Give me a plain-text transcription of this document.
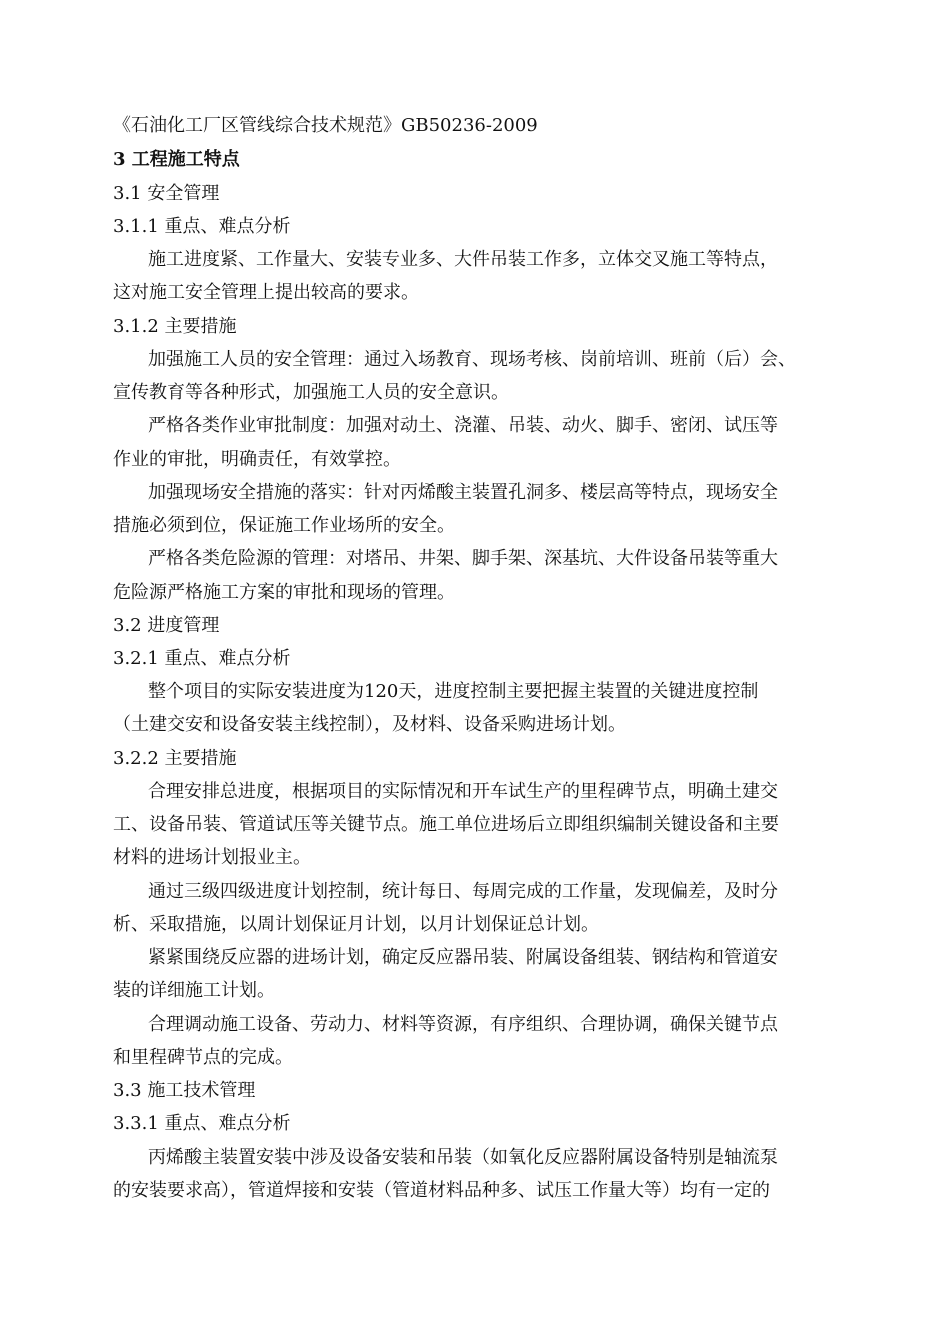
《石油化工厂区管线综合技术规范》GB50236-2009
3 工程施工特点
3.1 安全管理
3.1.1 重点、难点分析
施工进度紧、工作量大、安装专业多、大件吊装工作多，立体交叉施工等特点，
这对施工安全管理上提出较高的要求。
3.1.2 主要措施
加强施工人员的安全管理：通过入场教育、现场考核、岗前培训、班前（后）会、
宣传教育等各种形式，加强施工人员的安全意识。
严格各类作业审批制度：加强对动土、浇灌、吊装、动火、脚手、密闭、试压等
作业的审批，明确责任，有效掌控。
加强现场安全措施的落实：针对丙烯酸主装置孔洞多、楼层高等特点，现场安全
措施必须到位，保证施工作业场所的安全。
严格各类危险源的管理：对塔吊、井架、脚手架、深基坑、大件设备吊装等重大
危险源严格施工方案的审批和现场的管理。
3.2 进度管理
3.2.1 重点、难点分析
整个项目的实际安装进度为120天，进度控制主要把握主装置的关键进度控制
（土建交安和设备安装主线控制），及材料、设备采购进场计划。
3.2.2 主要措施
合理安排总进度，根据项目的实际情况和开车试生产的里程碑节点，明确土建交
工、设备吊装、管道试压等关键节点。施工单位进场后立即组织编制关键设备和主要
材料的进场计划报业主。
通过三级四级进度计划控制，统计每日、每周完成的工作量，发现偏差，及时分
析、采取措施，以周计划保证月计划，以月计划保证总计划。
紧紧围绕反应器的进场计划，确定反应器吊装、附属设备组装、钢结构和管道安
装的详细施工计划。
合理调动施工设备、劳动力、材料等资源，有序组织、合理协调，确保关键节点
和里程碑节点的完成。
3.3 施工技术管理
3.3.1 重点、难点分析
丙烯酸主装置安装中涉及设备安装和吊装（如氧化反应器附属设备特别是轴流泵
的安装要求高），管道焊接和安装（管道材料品种多、试压工作量大等）均有一定的
